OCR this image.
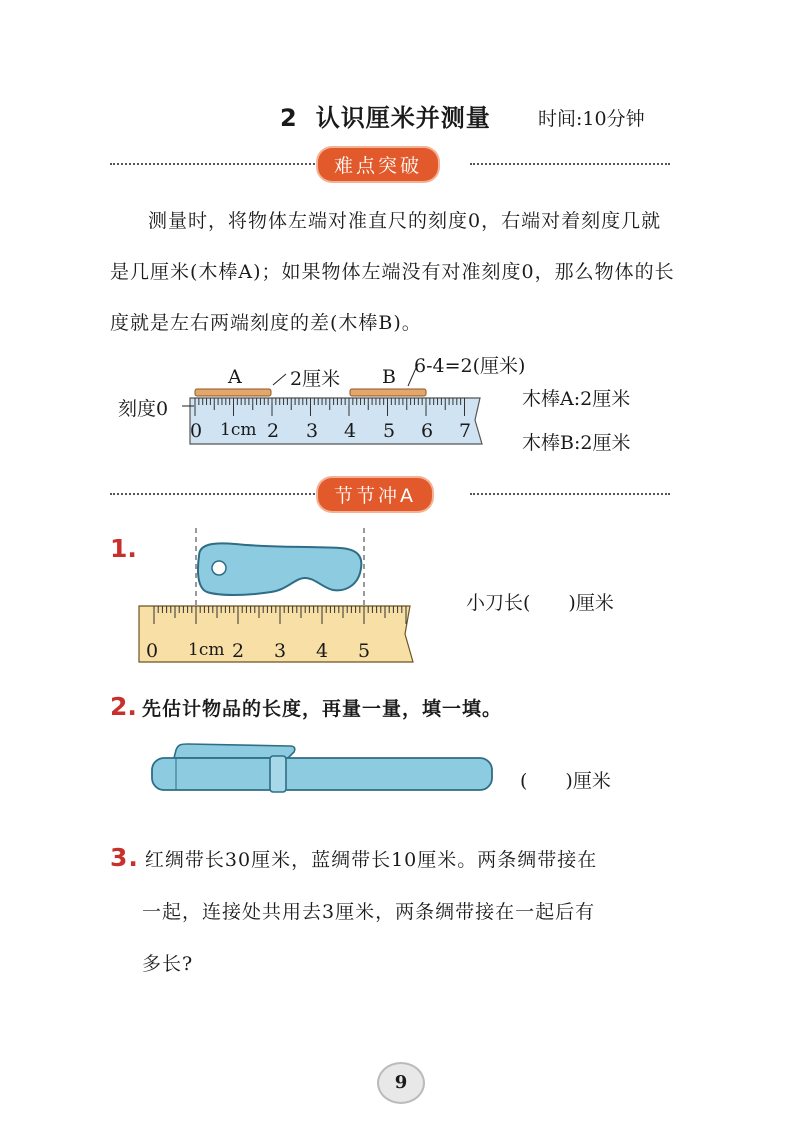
2 认识厘米并测量 时间:10分钟
难点突破
测量时，将物体左端对准直尺的刻度0，右端对着刻度几就是几厘米(木棒A)；如果物体左端没有对准刻度0，那么物体的长度就是左右两端刻度的差(木棒B)。
A	2厘米 B 6-4=2(厘米)
刻度0
0 1cm 2 3 4 5 6 7
木棒A:2厘米
木棒B:2厘米
节节冲A
1.
0 1cm 2 3 4 5
小刀长(　　)厘米
2. 先估计物品的长度，再量一量，填一填。
(　　)厘米
3. 红绸带长30厘米，蓝绸带长10厘米。两条绸带接在
一起，连接处共用去3厘米，两条绸带接在一起后有
多长?
9
